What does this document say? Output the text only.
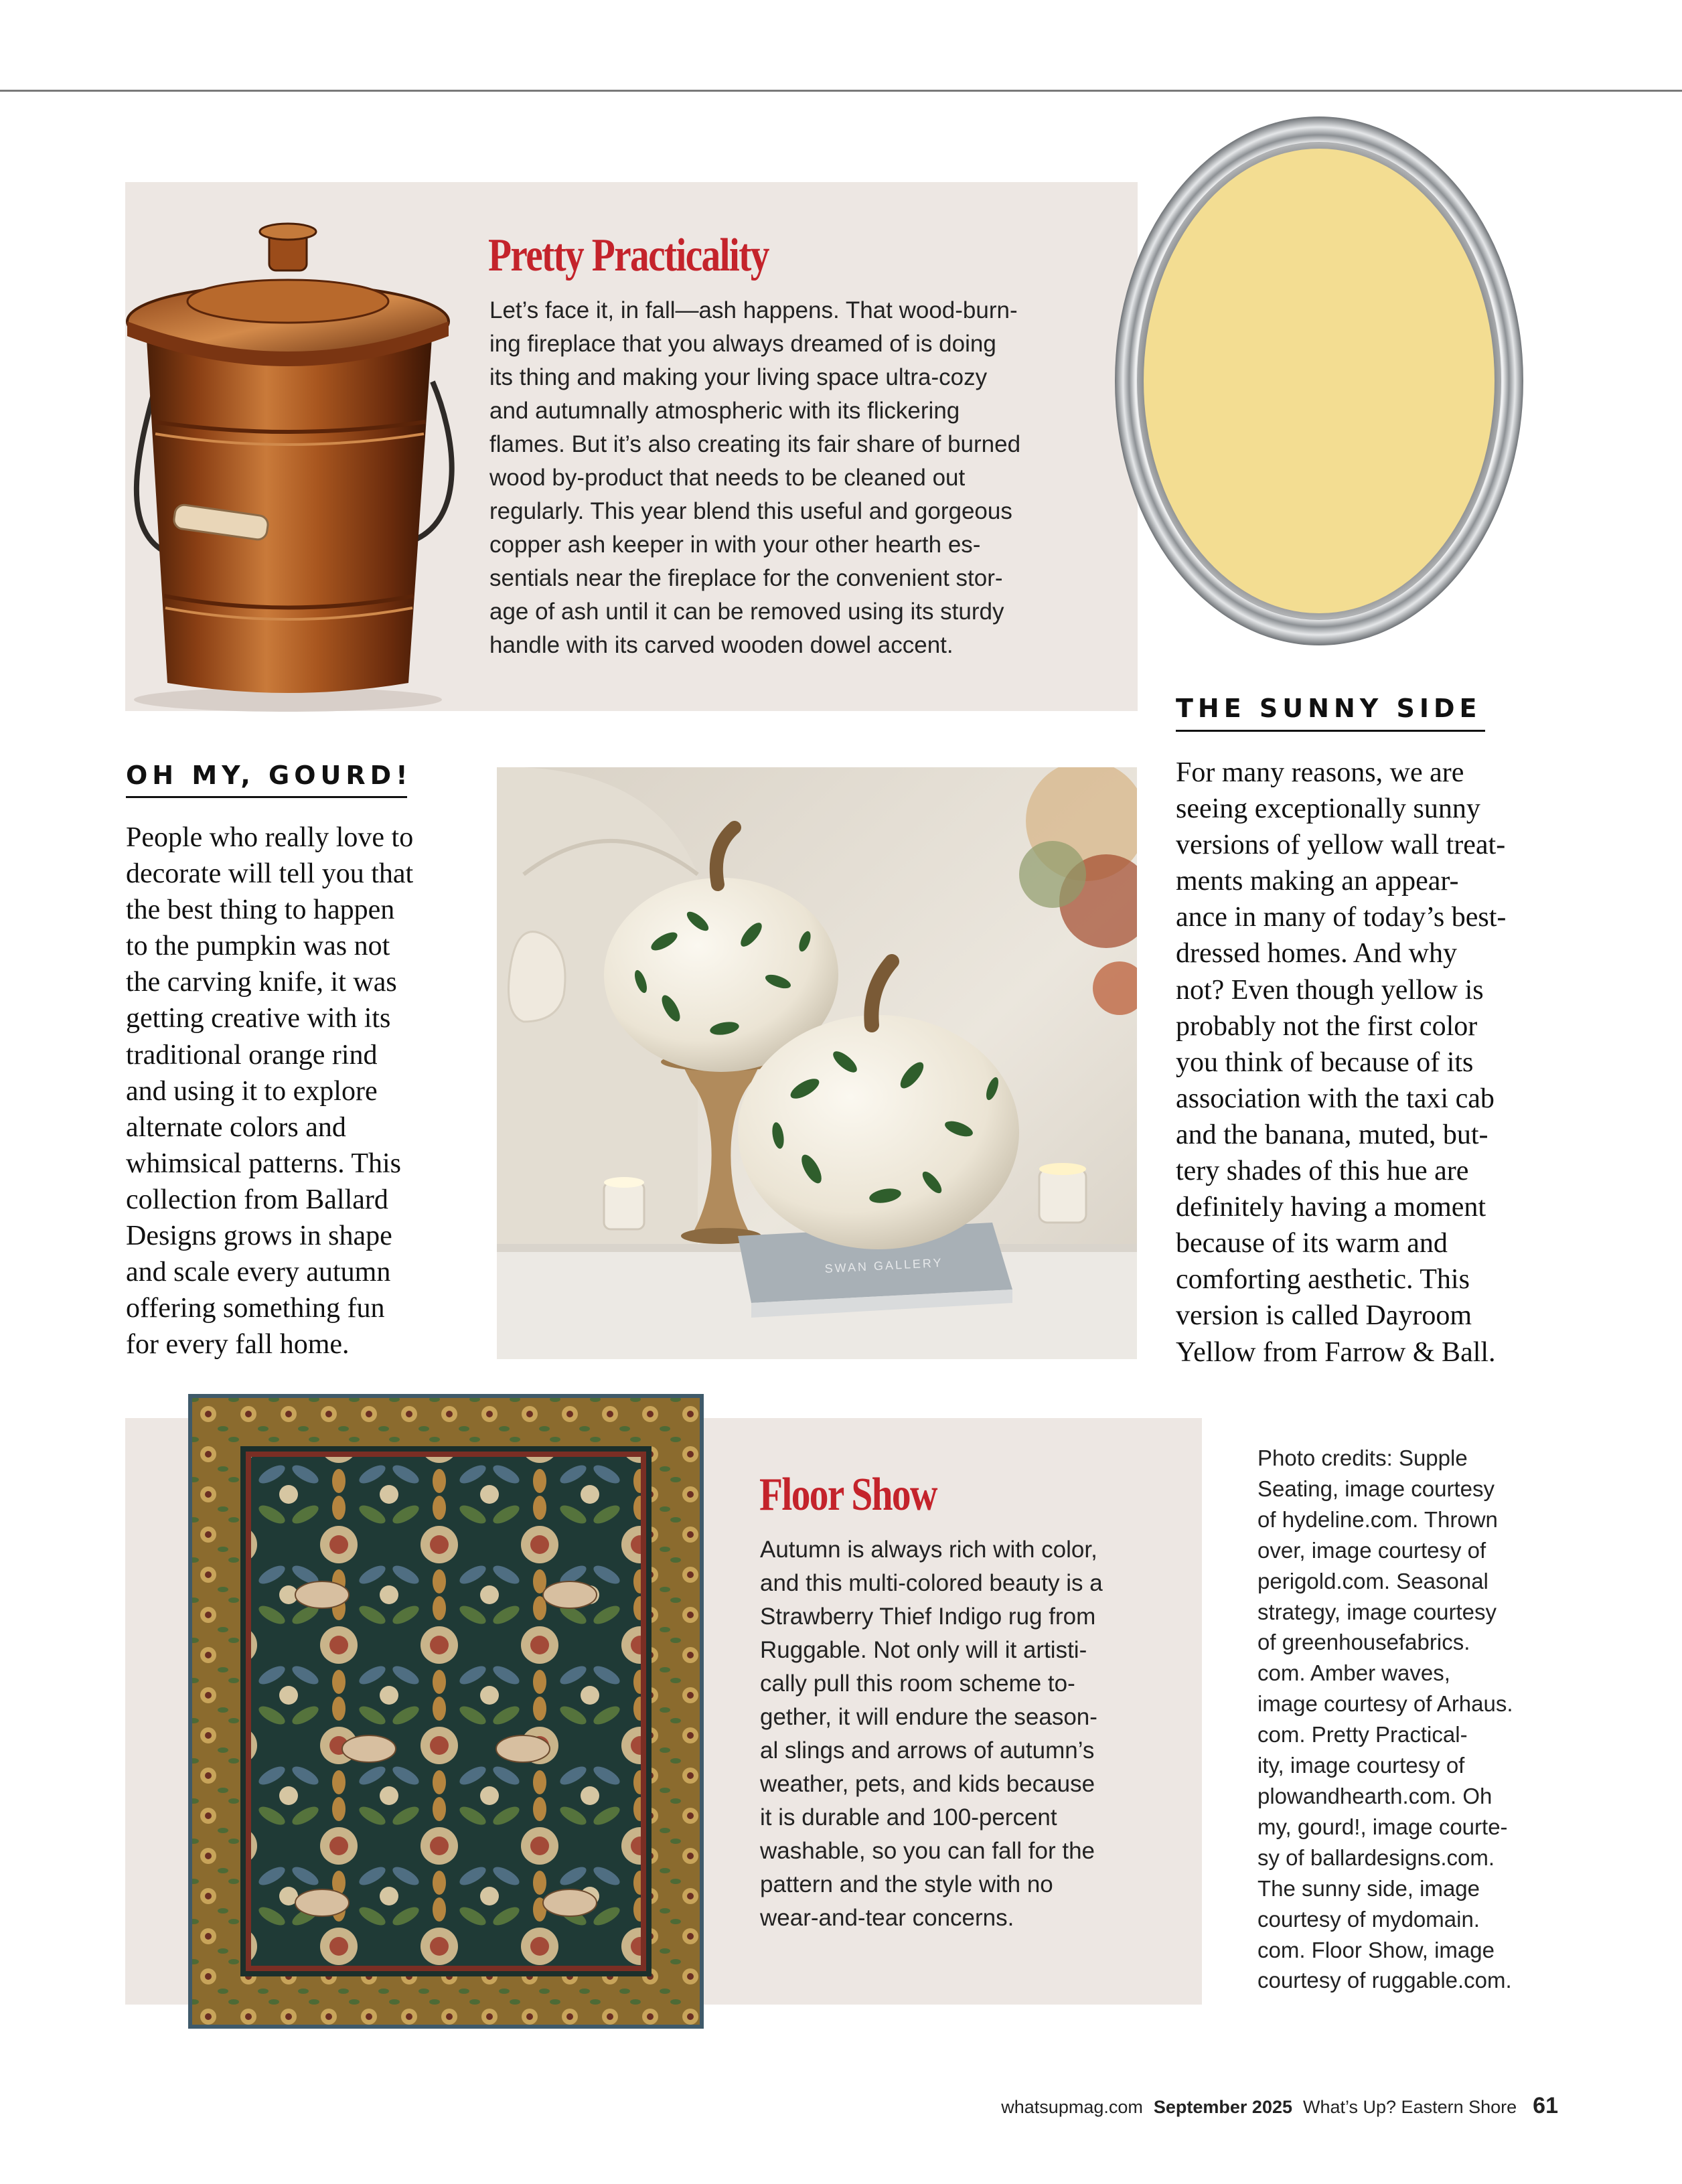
Pretty Practicality
Let’s face it, in fall—ash happens. That wood-burn-
ing fireplace that you always dreamed of is doing
its thing and making your living space ultra-cozy
and autumnally atmospheric with its flickering
flames. But it’s also creating its fair share of burned
wood by-product that needs to be cleaned out
regularly. This year blend this useful and gorgeous
copper ash keeper in with your other hearth es-
sentials near the fireplace for the convenient stor-
age of ash until it can be removed using its sturdy
handle with its carved wooden dowel accent.

OH MY, GOURD!

People who really love to
decorate will tell you that
the best thing to happen
to the pumpkin was not
the carving knife, it was
getting creative with its
traditional orange rind
and using it to explore
alternate colors and
whimsical patterns. This
collection from Ballard
Designs grows in shape
and scale every autumn
offering something fun
for every fall home.
SWAN GALLERY

THE SUNNY SIDE

For many reasons, we are
seeing exceptionally sunny
versions of yellow wall treat-
ments making an appear-
ance in many of today’s best-
dressed homes. And why
not? Even though yellow is
probably not the first color
you think of because of its
association with the taxi cab
and the banana, muted, but-
tery shades of this hue are
definitely having a moment
because of its warm and
comforting aesthetic. This
version is called Dayroom
Yellow from Farrow & Ball.
Floor Show
Autumn is always rich with color,
and this multi-colored beauty is a
Strawberry Thief Indigo rug from
Ruggable. Not only will it artisti-
cally pull this room scheme to-
gether, it will endure the season-
al slings and arrows of autumn’s
weather, pets, and kids because
it is durable and 100-percent
washable, so you can fall for the
pattern and the style with no
wear-and-tear concerns.
Photo credits: Supple
Seating, image courtesy
of hydeline.com. Thrown
over, image courtesy of
perigold.com. Seasonal
strategy, image courtesy
of greenhousefabrics.
com. Amber waves,
image courtesy of Arhaus.
com. Pretty Practical-
ity, image courtesy of
plowandhearth.com. Oh
my, gourd!, image courte-
sy of ballardesigns.com.
The sunny side, image
courtesy of mydomain.
com. Floor Show, image
courtesy of ruggable.com.
whatsupmag.com September 2025 What’s Up? Eastern Shore 61
